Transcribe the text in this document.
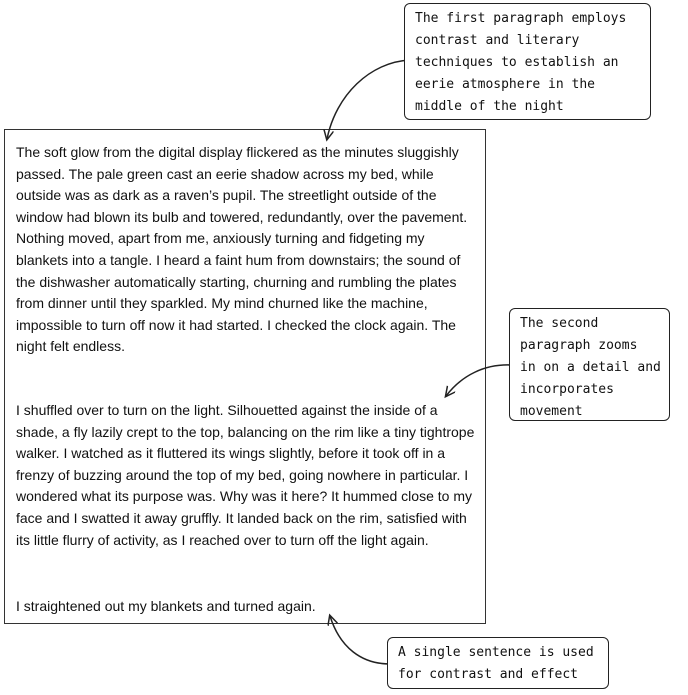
The soft glow from the digital display flickered as the minutes sluggishly passed. The pale green cast an eerie shadow across my bed, while outside was as dark as a raven’s pupil. The streetlight outside of the window had blown its bulb and towered, redundantly, over the pavement. Nothing moved, apart from me, anxiously turning and fidgeting my blankets into a tangle. I heard a faint hum from downstairs; the sound of the dishwasher automatically starting, churning and rumbling the plates from dinner until they sparkled. My mind churned like the machine, impossible to turn off now it had started. I checked the clock again. The night felt endless.

I shuffled over to turn on the light. Silhouetted against the inside of a shade, a fly lazily crept to the top, balancing on the rim like a tiny tightrope walker. I watched as it fluttered its wings slightly, before it took off in a frenzy of buzzing around the top of my bed, going nowhere in particular. I wondered what its purpose was. Why was it here? It hummed close to my face and I swatted it away gruffly. It landed back on the rim, satisfied with its little flurry of activity, as I reached over to turn off the light again.

I straightened out my blankets and turned again.

The first paragraph employs
contrast and literary
techniques to establish an
eerie atmosphere in the
middle of the night
The second
paragraph zooms
in on a detail and
incorporates
movement
A single sentence is used
for contrast and effect
